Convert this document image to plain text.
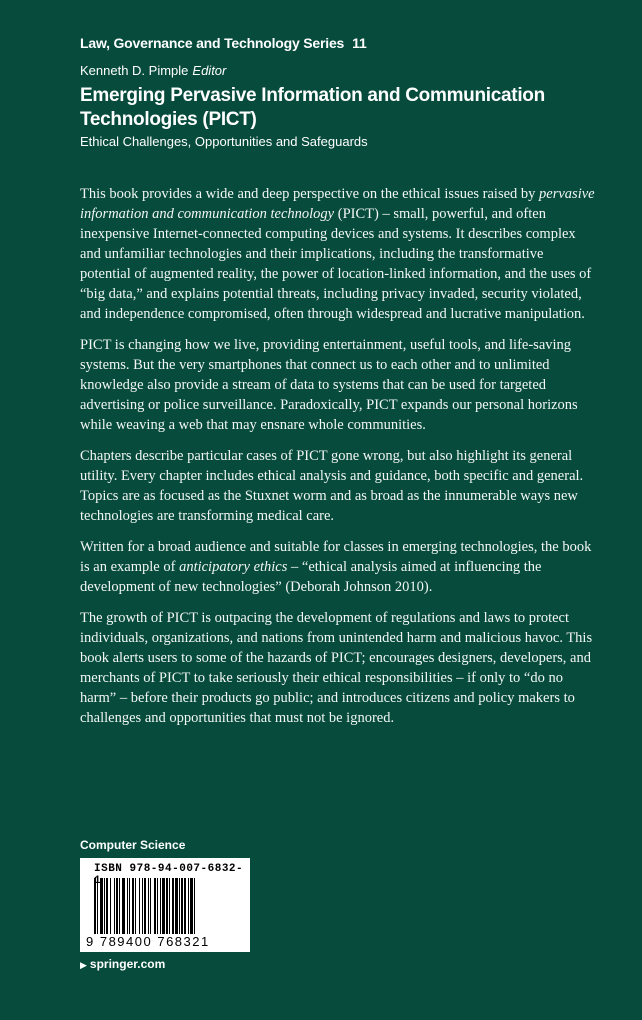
Law, Governance and Technology Series 11
Kenneth D. Pimple Editor
Emerging Pervasive Information and Communication Technologies (PICT)
Ethical Challenges, Opportunities and Safeguards

This book provides a wide and deep perspective on the ethical issues raised by pervasive information and communication technology (PICT) – small, powerful, and often inexpensive Internet-connected computing devices and systems. It describes complex and unfamiliar technologies and their implications, including the transformative potential of augmented reality, the power of location-linked information, and the uses of “big data,” and explains potential threats, including privacy invaded, security violated, and independence compromised, often through widespread and lucrative manipulation.

PICT is changing how we live, providing entertainment, useful tools, and life-saving systems. But the very smartphones that connect us to each other and to unlimited knowledge also provide a stream of data to systems that can be used for targeted advertising or police surveillance. Paradoxically, PICT expands our personal horizons while weaving a web that may ensnare whole communities.

Chapters describe particular cases of PICT gone wrong, but also highlight its general utility. Every chapter includes ethical analysis and guidance, both specific and general. Topics are as focused as the Stuxnet worm and as broad as the innumerable ways new technologies are transforming medical care.

Written for a broad audience and suitable for classes in emerging technologies, the book is an example of anticipatory ethics – “ethical analysis aimed at influencing the development of new technologies” (Deborah Johnson 2010).

The growth of PICT is outpacing the development of regulations and laws to protect individuals, organizations, and nations from unintended harm and malicious havoc. This book alerts users to some of the hazards of PICT; encourages designers, developers, and merchants of PICT to take seriously their ethical responsibilities – if only to “do no harm” – before their products go public; and introduces citizens and policy makers to challenges and opportunities that must not be ignored.

Computer Science
ISBN 978-94-007-6832-1
9 789400 768321
▶ springer.com
